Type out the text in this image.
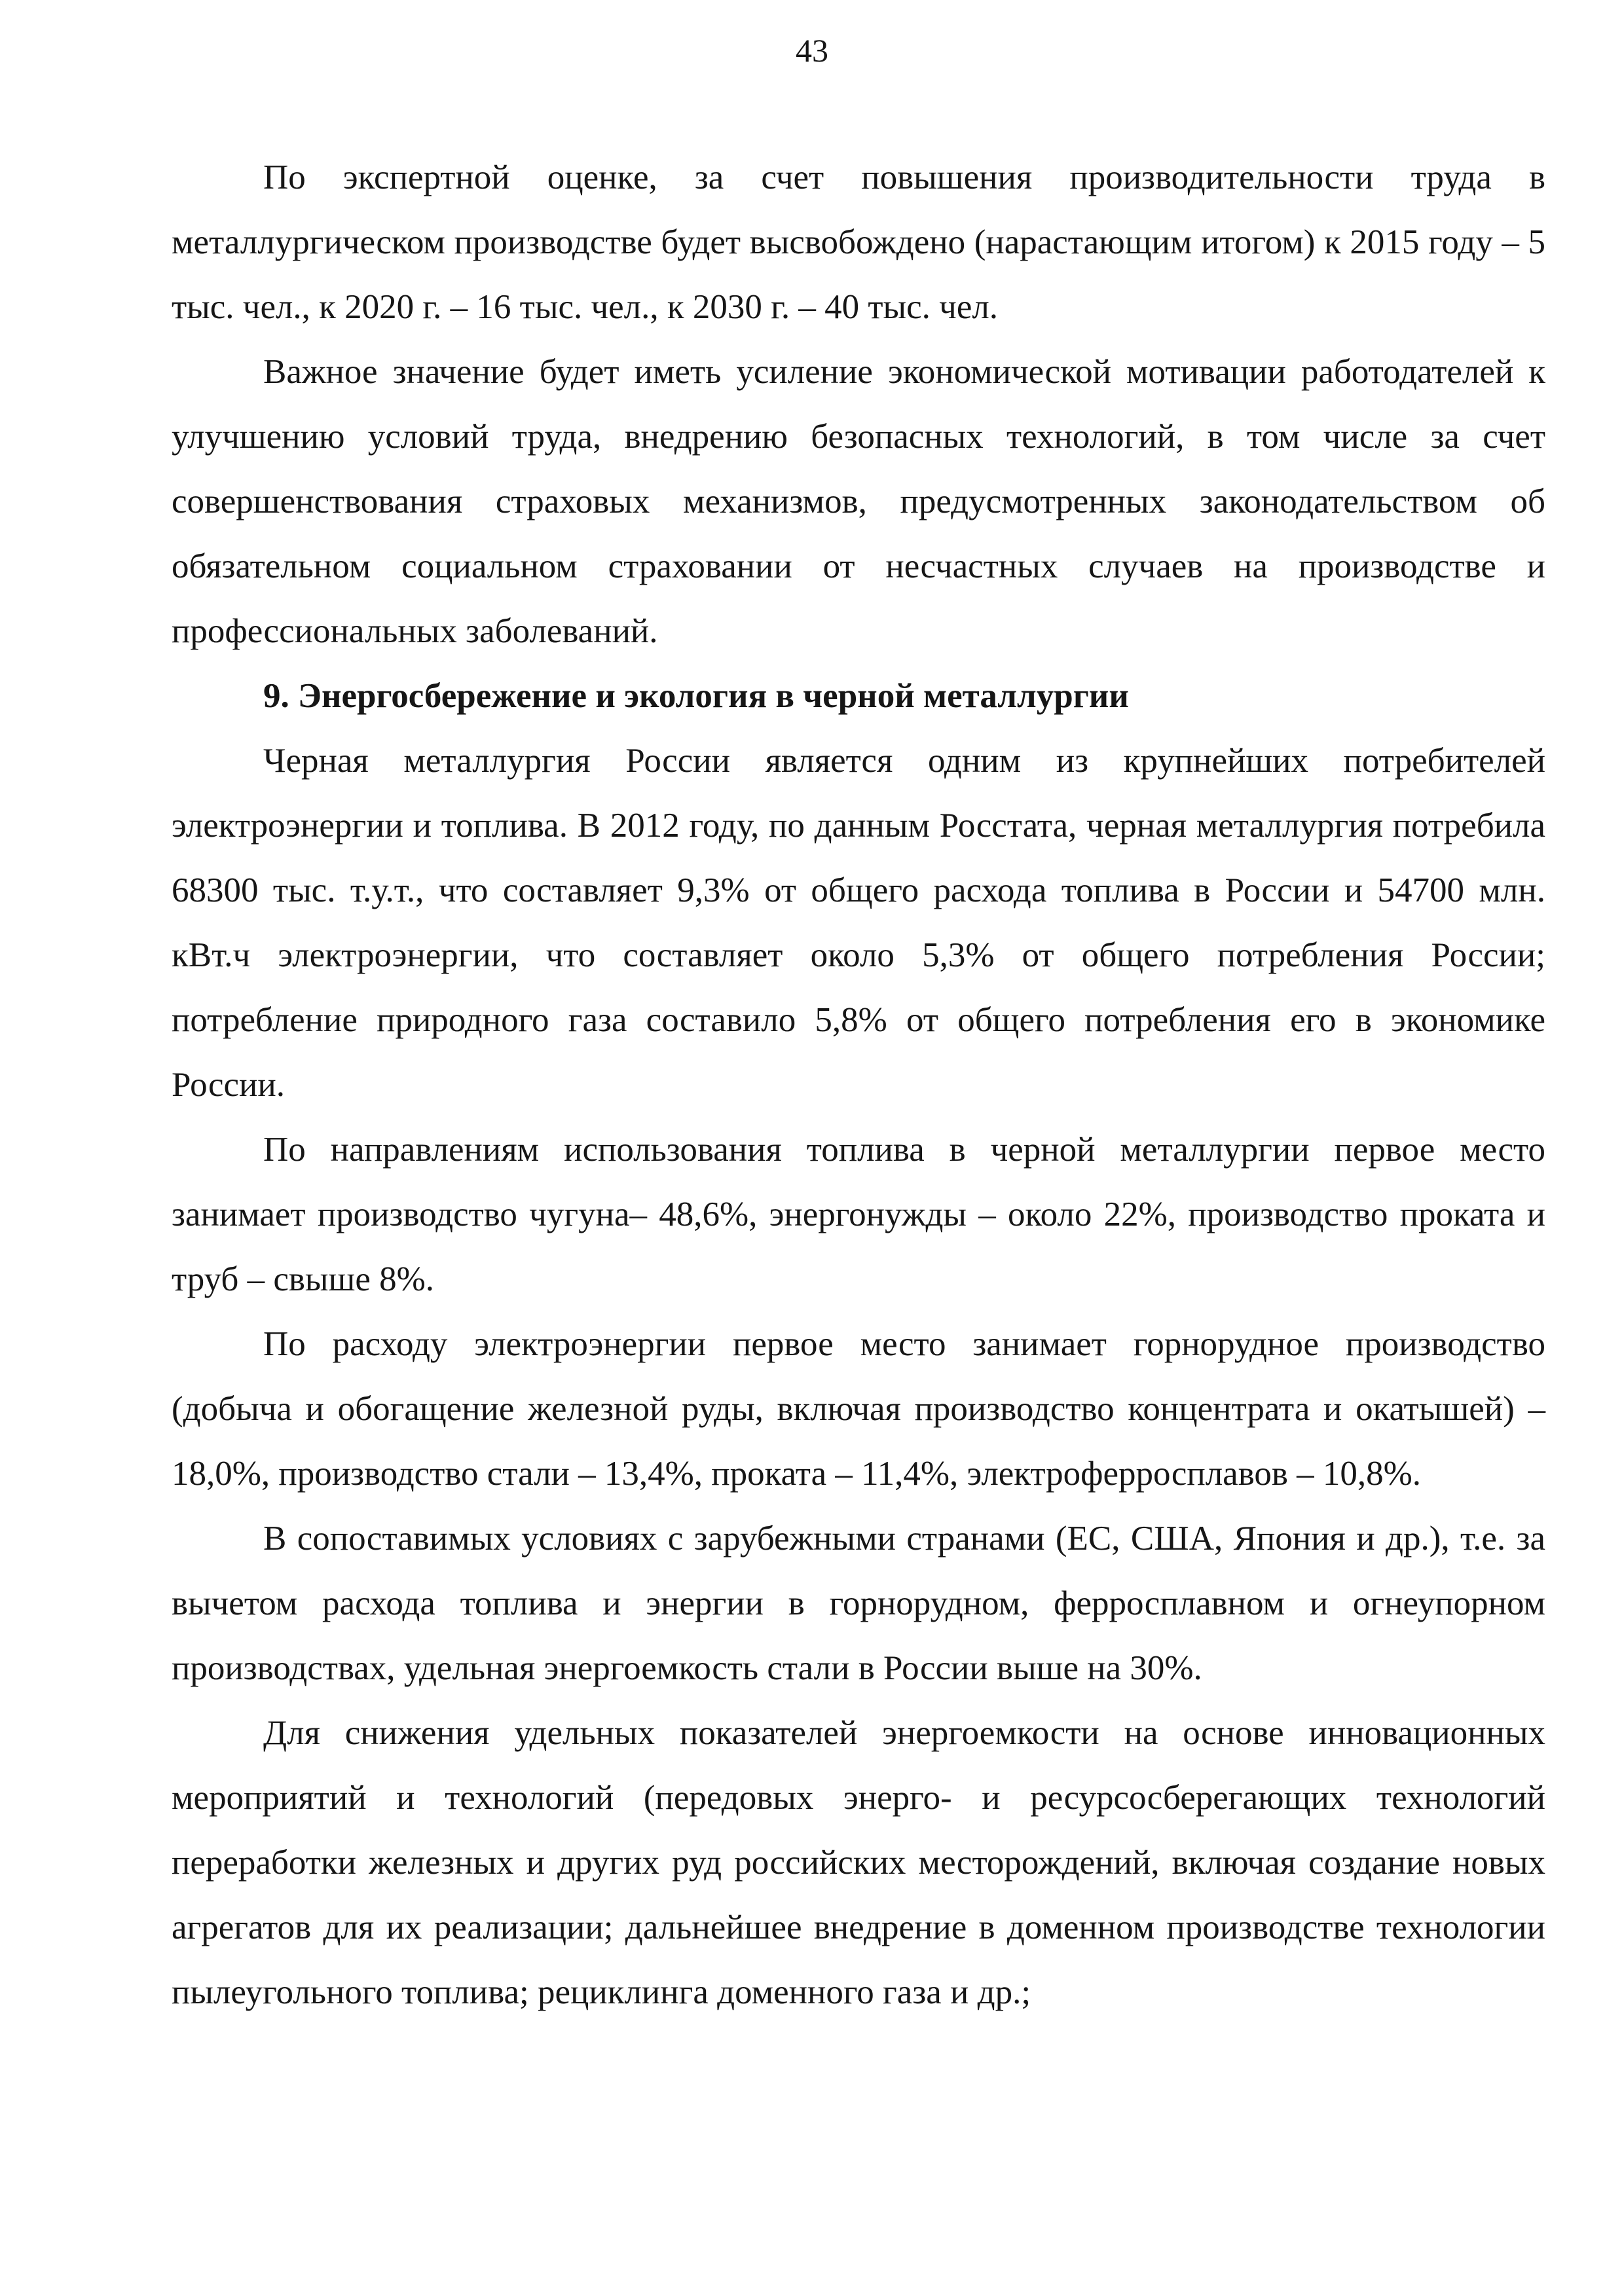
43

По экспертной оценке, за счет повышения производительности труда в металлургическом производстве будет высвобождено (нарастающим итогом) к 2015 году – 5 тыс. чел., к 2020 г. – 16 тыс. чел., к 2030 г. – 40 тыс. чел.

Важное значение будет иметь усиление экономической мотивации работодателей к улучшению условий труда, внедрению безопасных технологий, в том числе за счет совершенствования страховых механизмов, предусмотренных законодательством об обязательном социальном страховании от несчастных случаев на производстве и профессиональных заболеваний.

9. Энергосбережение и экология в черной металлургии

Черная металлургия России является одним из крупнейших потребителей электроэнергии и топлива. В 2012 году, по данным Росстата, черная металлургия потребила 68300 тыс. т.у.т., что составляет 9,3% от общего расхода топлива в России и 54700 млн. кВт.ч электроэнергии, что составляет около 5,3% от общего потребления России; потребление природного газа составило 5,8% от общего потребления его в экономике России.

По направлениям использования топлива в черной металлургии первое место занимает производство чугуна– 48,6%, энергонужды – около 22%, производство проката и труб – свыше 8%.

По расходу электроэнергии первое место занимает горнорудное производство (добыча и обогащение железной руды, включая производство концентрата и окатышей) – 18,0%, производство стали – 13,4%, проката – 11,4%, электроферросплавов – 10,8%.

В сопоставимых условиях с зарубежными странами (ЕС, США, Япония и др.), т.е. за вычетом расхода топлива и энергии в горнорудном, ферросплавном и огнеупорном производствах, удельная энергоемкость стали в России выше на 30%.

Для снижения удельных показателей энергоемкости на основе инновационных мероприятий и технологий (передовых энерго- и ресурсосберегающих технологий переработки железных и других руд российских месторождений, включая создание новых агрегатов для их реализации; дальнейшее внедрение в доменном производстве технологии пылеугольного топлива; рециклинга доменного газа и др.;
